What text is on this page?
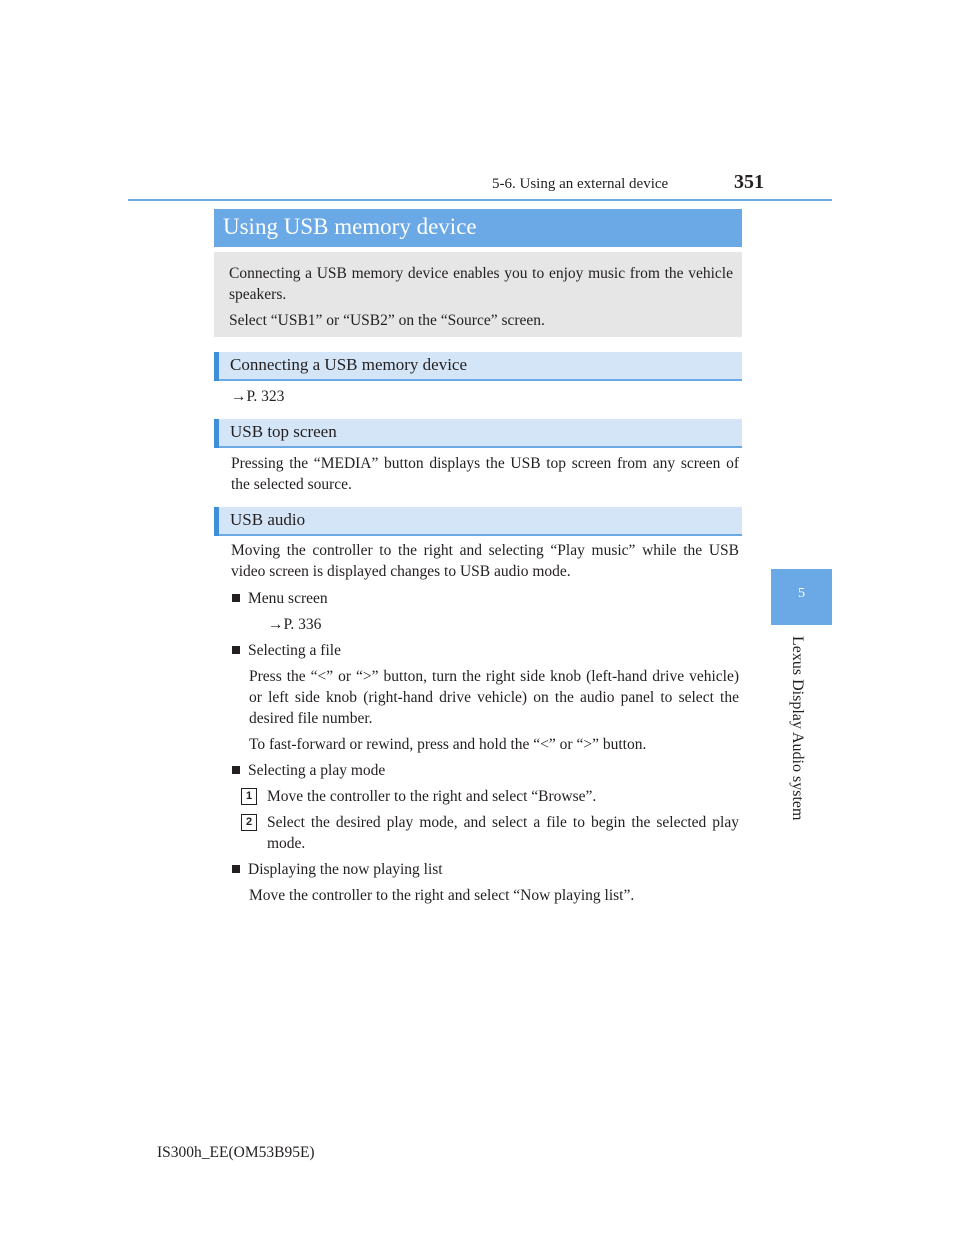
5-6. Using an external device	351
Using USB memory device

Connecting a USB memory device enables you to enjoy music from the vehicle speakers.

Select “USB1” or “USB2” on the “Source” screen.

Connecting a USB memory device
→P. 323
USB top screen

Pressing the “MEDIA” button displays the USB top screen from any screen of the selected source.

USB audio

Moving the controller to the right and selecting “Play music” while the USB video screen is displayed changes to USB audio mode.

Menu screen
→P. 336
Selecting a file

Press the “<” or “>” button, turn the right side knob (left-hand drive vehicle) or left side knob (right-hand drive vehicle) on the audio panel to select the desired file number.

To fast-forward or rewind, press and hold the “<” or “>” button.

Selecting a play mode
1 Move the controller to the right and select “Browse”.

2 Select the desired play mode, and select a file to begin the selected play mode.

Displaying the now playing list

Move the controller to the right and select “Now playing list”.

5
Lexus Display Audio system
IS300h_EE(OM53B95E)
